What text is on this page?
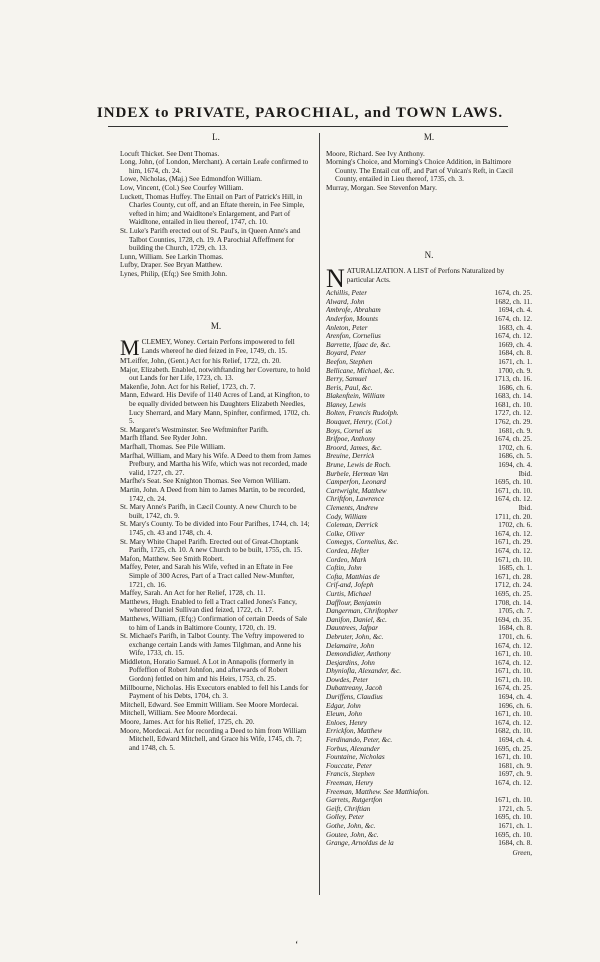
INDEX to PRIVATE, PAROCHIAL, and TOWN LAWS.
L.

Locuft Thicket. See Dent Thomas.

Long, John, (of London, Merchant). A certain Leafe confirmed to him, 1674, ch. 24.

Lowe, Nicholas, (Maj.) See Edmondfon William.

Low, Vincent, (Col.) See Courfey William.

Luckett, Thomas Huffey. The Entail on Part of Patrick's Hill, in Charles County, cut off, and an Eftate therein, in Fee Simple, vefted in him; and Waidltone's Enlargement, and Part of Waidltone, entailed in lieu thereof, 1747, ch. 10.

St. Luke's Parifh erected out of St. Paul's, in Queen Anne's and Talbot Counties, 1728, ch. 19. A Parochial Affeffment for building the Church, 1729, ch. 13.

Lunn, William. See Larkin Thomas.

Lufby, Draper. See Bryan Matthew.

Lynes, Philip, (Efq;) See Smith John.

M.

M CLEMEY, Woney. Certain Perfons impowered to fell Lands whereof he died feized in Fee, 1749, ch. 15.

M'Leiffer, John, (Gent.) Act for his Relief, 1722, ch. 20.

Major, Elizabeth. Enabled, notwithftanding her Coverture, to hold out Lands for her Life, 1723, ch. 13.

Makenfie, John. Act for his Relief, 1723, ch. 7.

Mann, Edward. His Devife of 1140 Acres of Land, at Kingfton, to be equally divided between his Daughters Elizabeth Needles, Lucy Sherrard, and Mary Mann, Spinfter, confirmed, 1702, ch. 5.

St. Margaret's Westminster. See Weftminfter Parifh.

Marfh Ifland. See Ryder John.

Marfhall, Thomas. See Pile William.

Marfhal, William, and Mary his Wife. A Deed to them from James Prefbury, and Martha his Wife, which was not recorded, made valid, 1727, ch. 27.

Marfhe's Seat. See Knighton Thomas. See Vernon William.

Martin, John. A Deed from him to James Martin, to be recorded, 1742, ch. 24.

St. Mary Anne's Parifh, in Cæcil County. A new Church to be built, 1742, ch. 9.

St. Mary's County. To be divided into Four Parifhes, 1744, ch. 14; 1745, ch. 43 and 1748, ch. 4.

St. Mary White Chapel Parifh. Erected out of Great-Choptank Parifh, 1725, ch. 10. A new Church to be built, 1755, ch. 15.

Mafon, Matthew. See Smith Robert.

Maffey, Peter, and Sarah his Wife, vefted in an Eftate in Fee Simple of 300 Acres, Part of a Tract called New-Munfter, 1721, ch. 16.

Maffey, Sarah. An Act for her Relief, 1728, ch. 11.

Matthews, Hugh. Enabled to fell a Tract called Jones's Fancy, whereof Daniel Sullivan died feized, 1722, ch. 17.

Matthews, William, (Efq;) Confirmation of certain Deeds of Sale to him of Lands in Baltimore County, 1720, ch. 19.

St. Michael's Parifh, in Talbot County. The Veftry impowered to exchange certain Lands with James Tilghman, and Anne his Wife, 1733, ch. 15.

Middleton, Horatio Samuel. A Lot in Annapolis (formerly in Poffeffion of Robert Johnfon, and afterwards of Robert Gordon) fettled on him and his Heirs, 1753, ch. 25.

Millbourne, Nicholas. His Executors enabled to fell his Lands for Payment of his Debts, 1704, ch. 3.

Mitchell, Edward. See Emmitt William. See Moore Mordecai.

Mitchell, William. See Moore Mordecai.

Moore, James. Act for his Relief, 1725, ch. 20.

Moore, Mordecai. Act for recording a Deed to him from William Mitchell, Edward Mitchell, and Grace his Wife, 1745, ch. 7; and 1748, ch. 5.

M.

Moore, Richard. See Ivy Anthony.

Morning's Choice, and Morning's Choice Addition, in Baltimore County. The Entail cut off, and Part of Vulcan's Reft, in Cæcil County, entailed in Lieu thereof, 1735, ch. 3.

Murray, Morgan. See Stevenfon Mary.

N.

N ATURALIZATION. A LIST of Perfons Naturalized by particular Acts.

Achillis, Peter	1674, ch. 25.
Alward, John	1682, ch. 11.
Ambrofe, Abraham	1694, ch. 4.
Anderfon, Mounts	1674, ch. 12.
Anleton, Peter	1683, ch. 4.
Arenfon, Cornelius	1674, ch. 12.
Barrette, Ifaac de, &c.	1669, ch. 4.
Boyard, Peter	1684, ch. 8.
Beefon, Stephen	1671, ch. 1.
Bellicane, Michael, &c.	1700, ch. 9.
Berry, Samuel	1713, ch. 16.
Beris, Paul, &c.	1686, ch. 6.
Blakenftein, William	1683, ch. 14.
Blaney, Lewis	1681, ch. 10.
Bolten, Francis Rudolph.	1727, ch. 12.
Bouquet, Henry, (Col.)	1762, ch. 29.
Boys, Cornel us	1681, ch. 9.
Brifpoe, Anthony	1674, ch. 25.
Broord, James, &c.	1702, ch. 6.
Breuine, Derrick	1686, ch. 5.
Brune, Lewis de Roch.	1694, ch. 4.
Burbele, Herman Van	Ibid.
Camperfon, Leonard	1695, ch. 10.
Cartwright, Matthew	1671, ch. 10.
Chriftfon, Lawrence	1674, ch. 12.
Clements, Andrew	Ibid.
Cody, William	1711, ch. 20.
Coleman, Derrick	1702, ch. 6.
Colke, Oliver	1674, ch. 12.
Comegys, Cornelius, &c.	1671, ch. 29.
Cordea, Hefter	1674, ch. 12.
Cordeo, Mark	1671, ch. 10.
Coftin, John	1685, ch. 1.
Cofta, Matthias de	1671, ch. 28.
Crif-and, Jofeph	1712, ch. 24.
Curtis, Michael	1695, ch. 25.
Dafflour, Benjamin	1708, ch. 14.
Dangerman, Chriftopher	1705, ch. 7.
Danifon, Daniel, &c.	1694, ch. 35.
Dauntrees, Jafpar	1684, ch. 8.
Debruter, John, &c.	1701, ch. 6.
Delamaire, John	1674, ch. 12.
Demondidier, Anthony	1671, ch. 10.
Desjardins, John	1674, ch. 12.
Dhyniofla, Alexander, &c.	1671, ch. 10.
Dowdes, Peter	1671, ch. 10.
Dubattreany, Jacob	1674, ch. 25.
Duriffens, Claudius	1694, ch. 4.
Edgar, John	1696, ch. 6.
Eleum, John	1671, ch. 10.
Enloes, Henry	1674, ch. 12.
Errickfon, Matthew	1682, ch. 10.
Ferdinando, Peter, &c.	1694, ch. 4.
Forbus, Alexander	1695, ch. 25.
Fountaine, Nicholas	1671, ch. 10.
Fouccate, Peter	1681, ch. 9.
Francis, Stephen	1697, ch. 9.
Freeman, Henry	1674, ch. 12.
Freeman, Matthew. See Matthiafon.
Garrets, Rutgertfon	1671, ch. 10.
Geift, Chriftian	1721, ch. 5.
Golley, Peter	1695, ch. 10.
Gothe, John, &c.	1671, ch. 1.
Goutee, John, &c.	1695, ch. 10.
Grange, Arnoldus de la	1684, ch. 8.
Green,
ʻ
